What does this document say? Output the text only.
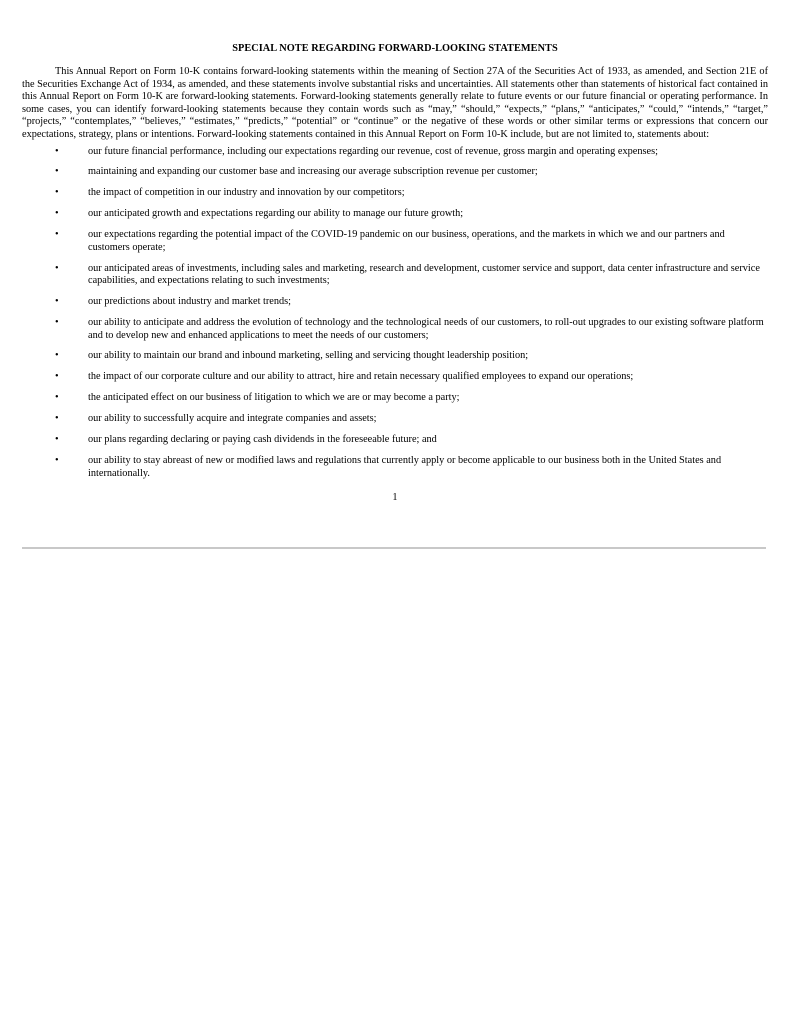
SPECIAL NOTE REGARDING FORWARD-LOOKING STATEMENTS

This Annual Report on Form 10-K contains forward-looking statements within the meaning of Section 27A of the Securities Act of 1933, as amended, and Section 21E of the Securities Exchange Act of 1934, as amended, and these statements involve substantial risks and uncertainties. All statements other than statements of historical fact contained in this Annual Report on Form 10-K are forward-looking statements. Forward-looking statements generally relate to future events or our future financial or operating performance. In some cases, you can identify forward-looking statements because they contain words such as “may,” “should,” “expects,” “plans,” “anticipates,” “could,” “intends,” “target,” “projects,” “contemplates,” “believes,” “estimates,” “predicts,” “potential” or “continue” or the negative of these words or other similar terms or expressions that concern our expectations, strategy, plans or intentions. Forward-looking statements contained in this Annual Report on Form 10-K include, but are not limited to, statements about:

•	our future financial performance, including our expectations regarding our revenue, cost of revenue, gross margin and operating expenses;
•	maintaining and expanding our customer base and increasing our average subscription revenue per customer;
•	the impact of competition in our industry and innovation by our competitors;
•	our anticipated growth and expectations regarding our ability to manage our future growth;
•	our expectations regarding the potential impact of the COVID-19 pandemic on our business, operations, and the markets in which we and our partners and customers operate;
•	our anticipated areas of investments, including sales and marketing, research and development, customer service and support, data center infrastructure and service capabilities, and expectations relating to such investments;
•	our predictions about industry and market trends;
•	our ability to anticipate and address the evolution of technology and the technological needs of our customers, to roll-out upgrades to our existing software platform and to develop new and enhanced applications to meet the needs of our customers;
•	our ability to maintain our brand and inbound marketing, selling and servicing thought leadership position;
•	the impact of our corporate culture and our ability to attract, hire and retain necessary qualified employees to expand our operations;
•	the anticipated effect on our business of litigation to which we are or may become a party;
•	our ability to successfully acquire and integrate companies and assets;
•	our plans regarding declaring or paying cash dividends in the foreseeable future; and
•	our ability to stay abreast of new or modified laws and regulations that currently apply or become applicable to our business both in the United States and internationally.
1
